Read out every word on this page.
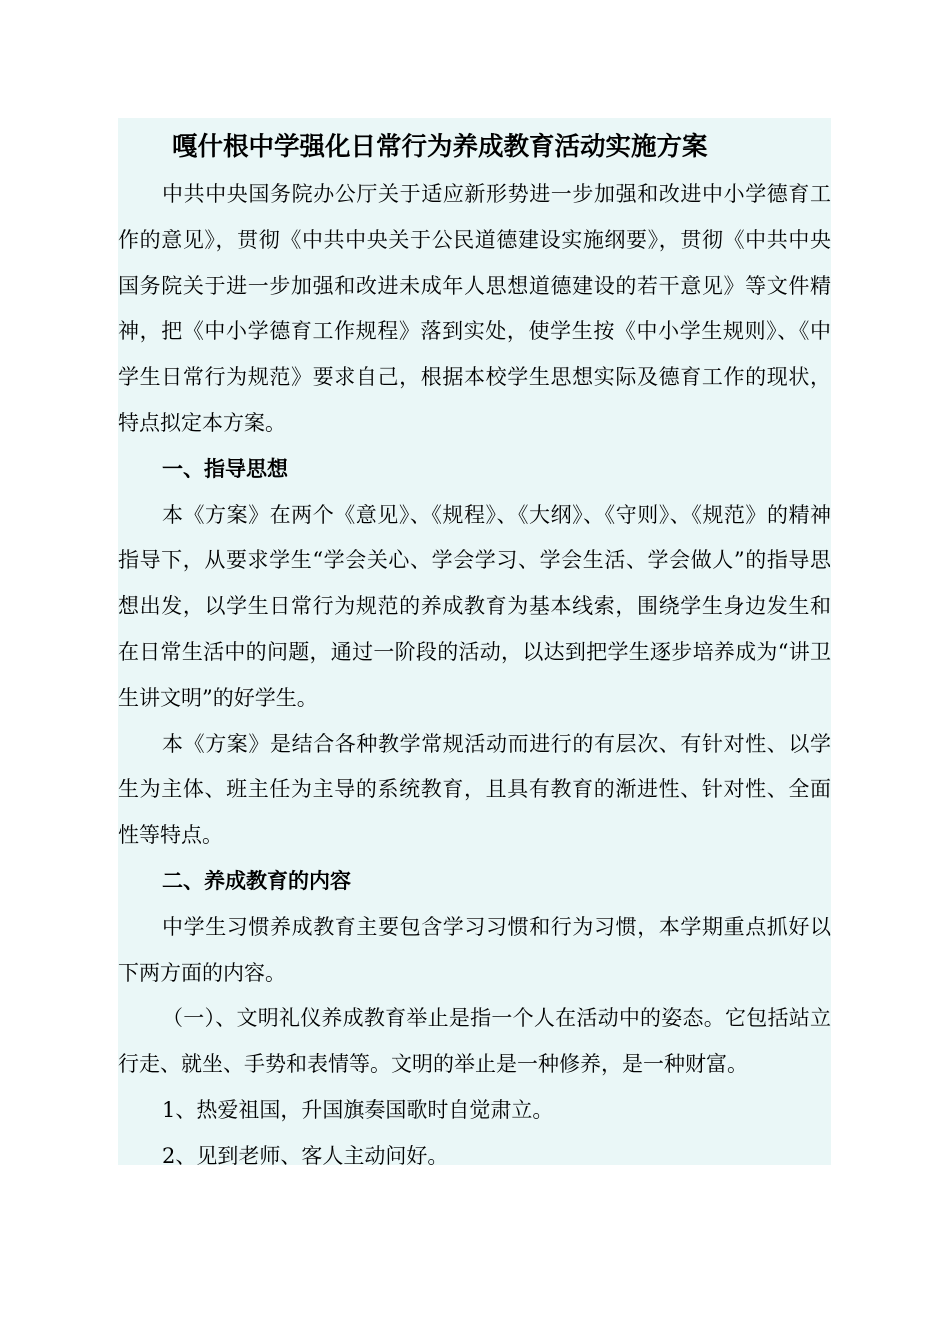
嘎什根中学强化日常行为养成教育活动实施方案

中共中央国务院办公厅关于适应新形势进一步加强和改进中小学德育工作的意见》，贯彻《中共中央关于公民道德建设实施纲要》，贯彻《中共中央国务院关于进一步加强和改进未成年人思想道德建设的若干意见》等文件精神，把《中小学德育工作规程》落到实处，使学生按《中小学生规则》、《中学生日常行为规范》要求自己，根据本校学生思想实际及德育工作的现状，特点拟定本方案。

一、指导思想

本《方案》在两个《意见》、《规程》、《大纲》、《守则》、《规范》的精神指导下，从要求学生“学会关心、学会学习、学会生活、学会做人”的指导思想出发，以学生日常行为规范的养成教育为基本线索，围绕学生身边发生和在日常生活中的问题，通过一阶段的活动，以达到把学生逐步培养成为“讲卫生讲文明”的好学生。

本《方案》是结合各种教学常规活动而进行的有层次、有针对性、以学生为主体、班主任为主导的系统教育，且具有教育的渐进性、针对性、全面性等特点。

二、养成教育的内容

中学生习惯养成教育主要包含学习习惯和行为习惯，本学期重点抓好以下两方面的内容。

（一）、文明礼仪养成教育举止是指一个人在活动中的姿态。它包括站立行走、就坐、手势和表情等。文明的举止是一种修养，是一种财富。

1、热爱祖国，升国旗奏国歌时自觉肃立。

2、见到老师、客人主动问好。
